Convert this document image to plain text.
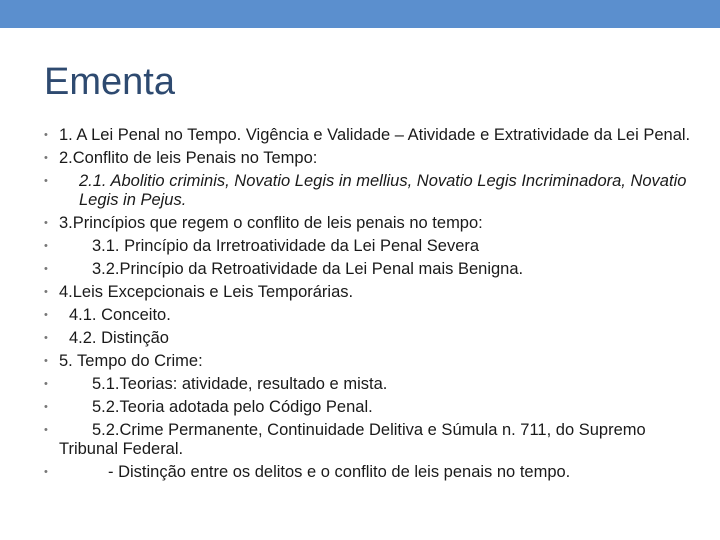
Ementa
• 1. A Lei Penal no Tempo. Vigência e Validade – Atividade e Extratividade da Lei Penal.
• 2.Conflito de leis Penais no Tempo:
• 2.1. Abolitio criminis, Novatio Legis in mellius, Novatio Legis Incriminadora, Novatio Legis in Pejus.
• 3.Princípios que regem o conflito de leis penais no tempo:
• 3.1. Princípio da Irretroatividade da Lei Penal Severa
• 3.2.Princípio da Retroatividade da Lei Penal mais Benigna.
• 4.Leis Excepcionais e Leis Temporárias.
• 4.1. Conceito.
• 4.2. Distinção
• 5. Tempo do Crime:
• 5.1.Teorias: atividade, resultado e mista.
• 5.2.Teoria adotada pelo Código Penal.
• 5.2.Crime Permanente, Continuidade Delitiva e Súmula n. 711, do Supremo Tribunal Federal.
• - Distinção entre os delitos e o conflito de leis penais no tempo.
